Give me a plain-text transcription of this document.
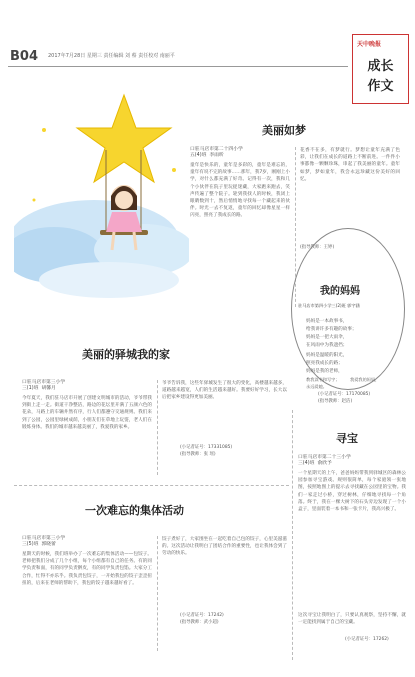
B04 2017年7月28日 星期三 责任编辑 刘 蔡 责任校对 南丽平
天中晚报
成长
作文
美丽如梦
口驻马店市第二十四小学
五(4)班  李雨昕
童年是快乐的，童年是多彩的，童年是难忘的，童年有说不完的故事……那年，我7岁，刚刚上小学，对什么都充满了好奇。记得有一次，我和几个小伙伴在院子里玩捉迷藏，大家跑来跑去，笑声传遍了整个院子。轮到我找人的时候，我闭上眼睛数到十，然后悄悄地寻找每一个藏起来的伙伴。时光一去不复返，童年的回忆却像星星一样闪亮，照亮了我成长的路。
花香不在多，有梦就行。梦想让童年充满了色彩，让我们在成长的道路上不断前进。一件件小事都像一颗颗珍珠，串起了我美丽的童年。童年如梦，梦如童年，我会永远珍藏这份美好的回忆。
(指导教师：王婷)
我的妈妈
驻马店市第四小学三(2)班 郭宇涵
妈妈是一本故事书，
给我讲许多有趣的故事；
妈妈是一把大雨伞，
在风雨中为我遮挡；
妈妈是温暖的阳光，
照亮我成长的路；
妈妈是我的老师，
教我读书和写字； 我爱我的妈妈，
永远爱她。
(小记者证号：17170085)
(指导教师：赵洁)
美丽的驿城我的家
口驻马店市第三小学
三(1)班  胡馨月
今年夏天，我们驻马店市开展了创建文明城市的活动，爷爷带我到街上走一走。街道干净整洁，路边的花坛里开满了五颜六色的花朵，马路上的车辆井然有序，行人们都遵守交通规则。我们来到了公园，公园里绿树成荫，小朋友们在草地上玩耍，老人们在锻炼身体。我们的城市越来越美丽了，我爱我的家乡。
爷爷告诉我，这些年驿城发生了很大的变化，高楼越来越多，道路越来越宽，人们的生活越来越好。我要好好学习，长大以后把家乡建设得更加美丽。
(小记者证号：17331085)
(指导教师：张 瑶)
寻宝
口驻马店市第二十三小学
三(4)班  俞欣予
一个星期天的上午，爸爸妈妈带我到驿城区的森林公园参加寻宝游戏。规则很简单，每个家庭领一张地图，按照地图上的提示去寻找藏在公园里的宝物。我们一家走过小桥，穿过树林，仔细地寻找每一个角落。终于，我在一棵大树下的石头旁边发现了一个小盒子，里面装着一本书和一张卡片，我高兴极了。
这次寻宝让我明白了，只要认真观察，坚持不懈，就一定能找到属于自己的宝藏。
(小记者证号：17262)
一次难忘的集体活动
口驻马店市第三小学
三(5)班  郭晓蕾
星期天的时候，我们班举办了一次难忘的集体活动——包饺子。老师把我们分成了几个小组，每个小组都有自己的任务。有的同学负责和面，有的同学负责擀皮，有的同学负责包馅。大家分工合作，忙得不亦乐乎。我负责包饺子，一开始我包的饺子歪歪扭扭的，后来在老师的帮助下，我包的饺子越来越好看了。
饺子煮好了，大家围坐在一起吃着自己包的饺子，心里美滋滋的。这次活动让我明白了团结合作的重要性，也让我体会到了劳动的快乐。
(小记者证号：17242)
(指导教师：武小超)
